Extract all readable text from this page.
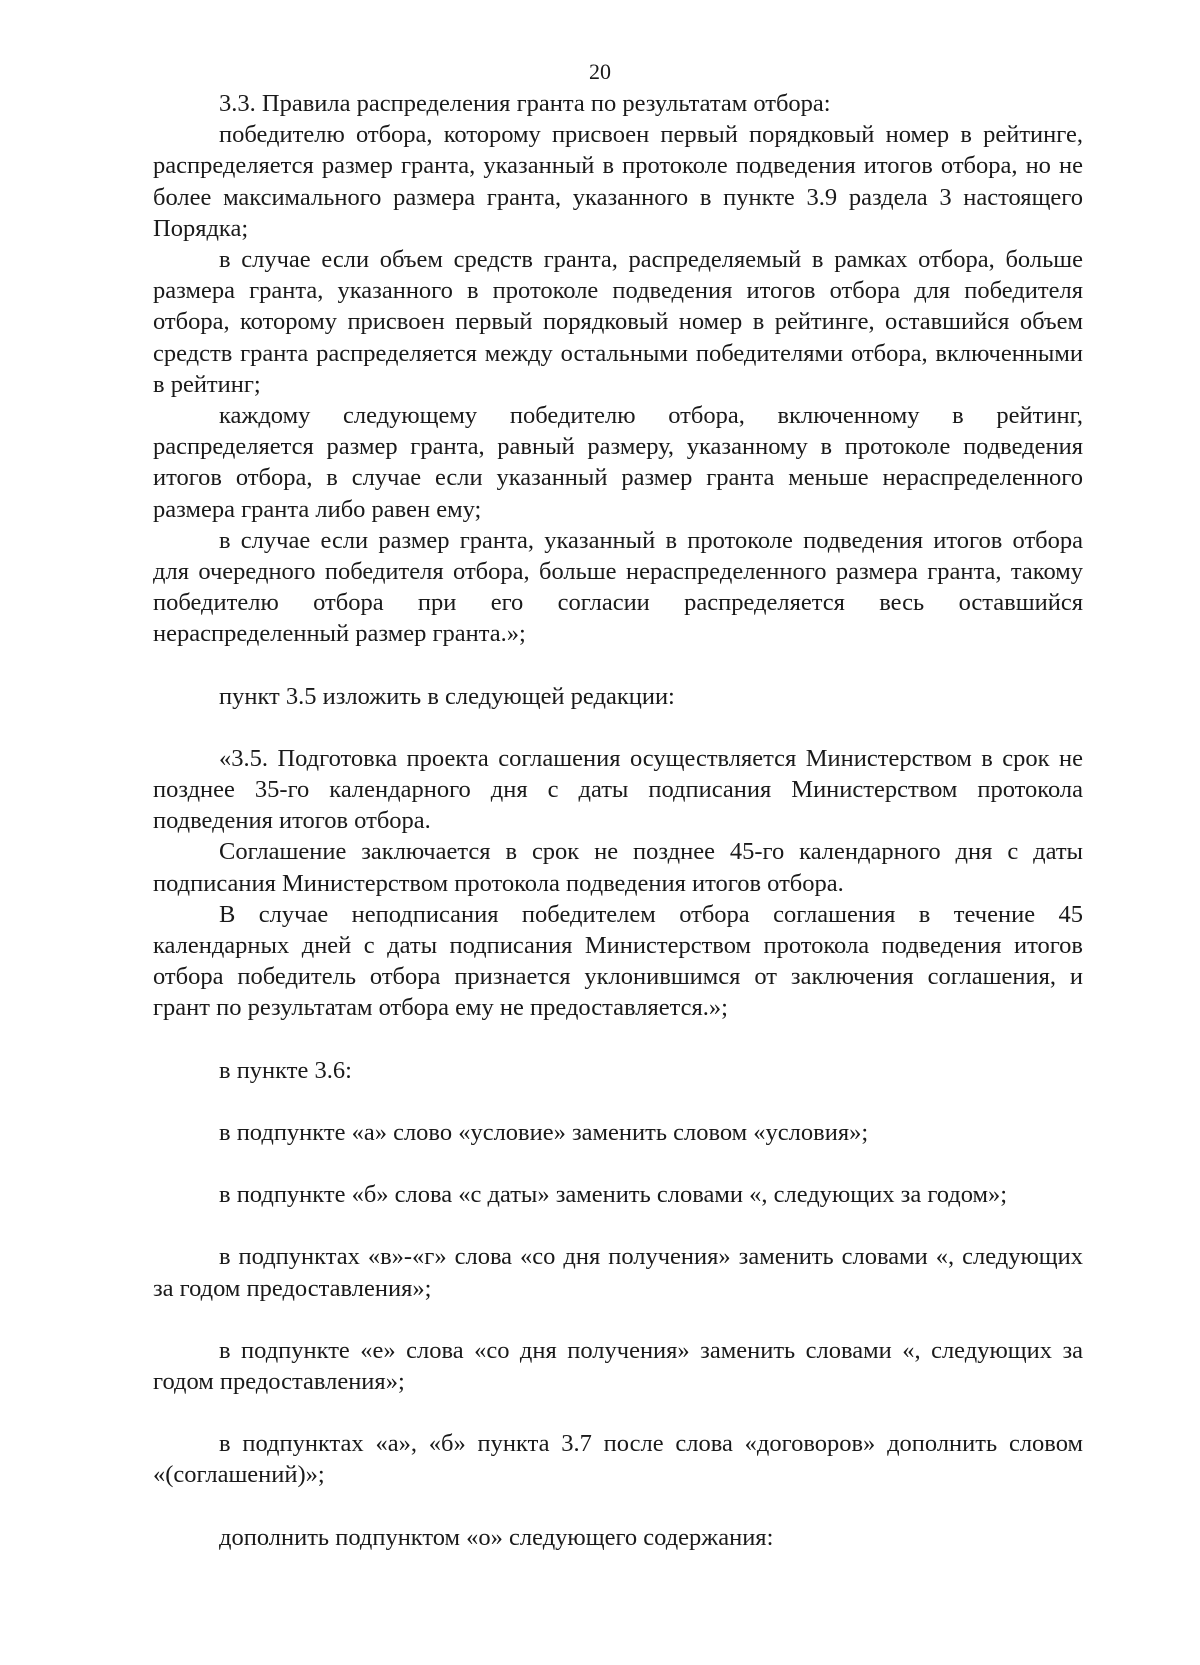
20

3.3. Правила распределения гранта по результатам отбора:

победителю отбора, которому присвоен первый порядковый номер в рейтинге, распределяется размер гранта, указанный в протоколе подведения итогов отбора, но не более максимального размера гранта, указанного в пункте 3.9 раздела 3 настоящего Порядка;

в случае если объем средств гранта, распределяемый в рамках отбора, больше размера гранта, указанного в протоколе подведения итогов отбора для победителя отбора, которому присвоен первый порядковый номер в рейтинге, оставшийся объем средств гранта распределяется между остальными победителями отбора, включенными в рейтинг;

каждому следующему победителю отбора, включенному в рейтинг, распределяется размер гранта, равный размеру, указанному в протоколе подведения итогов отбора, в случае если указанный размер гранта меньше нераспределенного размера гранта либо равен ему;

в случае если размер гранта, указанный в протоколе подведения итогов отбора для очередного победителя отбора, больше нераспределенного размера гранта, такому победителю отбора при его согласии распределяется весь оставшийся нераспределенный размер гранта.»;

пункт 3.5 изложить в следующей редакции:

«3.5. Подготовка проекта соглашения осуществляется Министерством в срок не позднее 35-го календарного дня с даты подписания Министерством протокола подведения итогов отбора.

Соглашение заключается в срок не позднее 45-го календарного дня с даты подписания Министерством протокола подведения итогов отбора.

В случае неподписания победителем отбора соглашения в течение 45 календарных дней с даты подписания Министерством протокола подведения итогов отбора победитель отбора признается уклонившимся от заключения соглашения, и грант по результатам отбора ему не предоставляется.»;

в пункте 3.6:

в подпункте «а» слово «условие» заменить словом «условия»;

в подпункте «б» слова «с даты» заменить словами «, следующих за годом»;

в подпунктах «в»-«г» слова «со дня получения» заменить словами «, следующих за годом предоставления»;

в подпункте «е» слова «со дня получения» заменить словами «, следующих за годом предоставления»;

в подпунктах «а», «б» пункта 3.7 после слова «договоров» дополнить словом «(соглашений)»;

дополнить подпунктом «о» следующего содержания:
